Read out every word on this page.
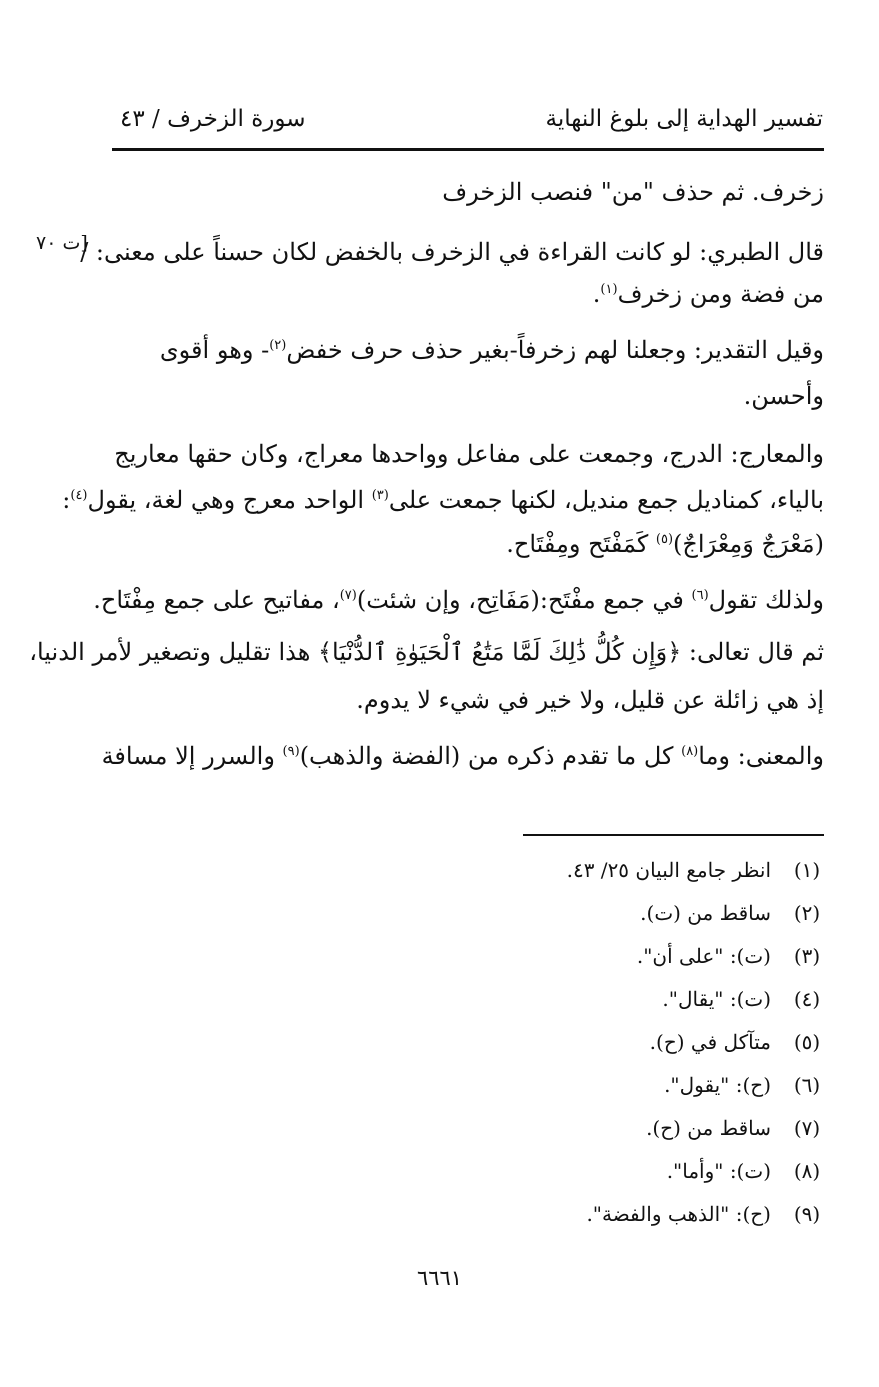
تفسير الهداية إلى بلوغ النهاية
سورة الزخرف / ٤٣
[ت ٧٠
زخرف. ثم حذف "من" فنصب الزخرف
قال الطبري: لو كانت القراءة في الزخرف بالخفض لكان حسناً على معنى: /
من فضة ومن زخرف$^{(١)}$.
وقيل التقدير: وجعلنا لهم زخرفاً-بغير حذف حرف خفض$^{(٢)}$- وهو أقوى
وأحسن.
والمعارج: الدرج، وجمعت على مفاعل وواحدها معراج، وكان حقها معاريج
بالياء، كمناديل جمع منديل، لكنها جمعت على$^{(٣)}$ الواحد معرج وهي لغة، يقول$^{(٤)}$:
(مَعْرَجٌ وَمِعْرَاجٌ)$^{(٥)}$ كَمَفْتَح ومِفْتَاح.
ولذلك تقول$^{(٦)}$ في جمع مفْتَح:(مَفَاتِح، وإن شئت)$^{(٧)}$، مفاتيح على جمع مِفْتَاح.
ثم قال تعالى: ﴿وَإِن كُلُّ ذَٰلِكَ لَمَّا مَتَٰعُ ٱلْحَيَوٰةِ ٱلدُّنْيَا﴾ هذا تقليل وتصغير لأمر الدنيا،
إذ هي زائلة عن قليل، ولا خير في شيء لا يدوم.
والمعنى: وما$^{(٨)}$ كل ما تقدم ذكره من (الفضة والذهب)$^{(٩)}$ والسرر إلا مسافة
(١)انظر جامع البيان ٢٥/ ٤٣.
(٢)ساقط من (ت).
(٣)(ت): "على أن".
(٤)(ت): "يقال".
(٥)متآكل في (ح).
(٦)(ح): "يقول".
(٧)ساقط من (ح).
(٨)(ت): "وأما".
(٩)(ح): "الذهب والفضة".
٦٦٦١
